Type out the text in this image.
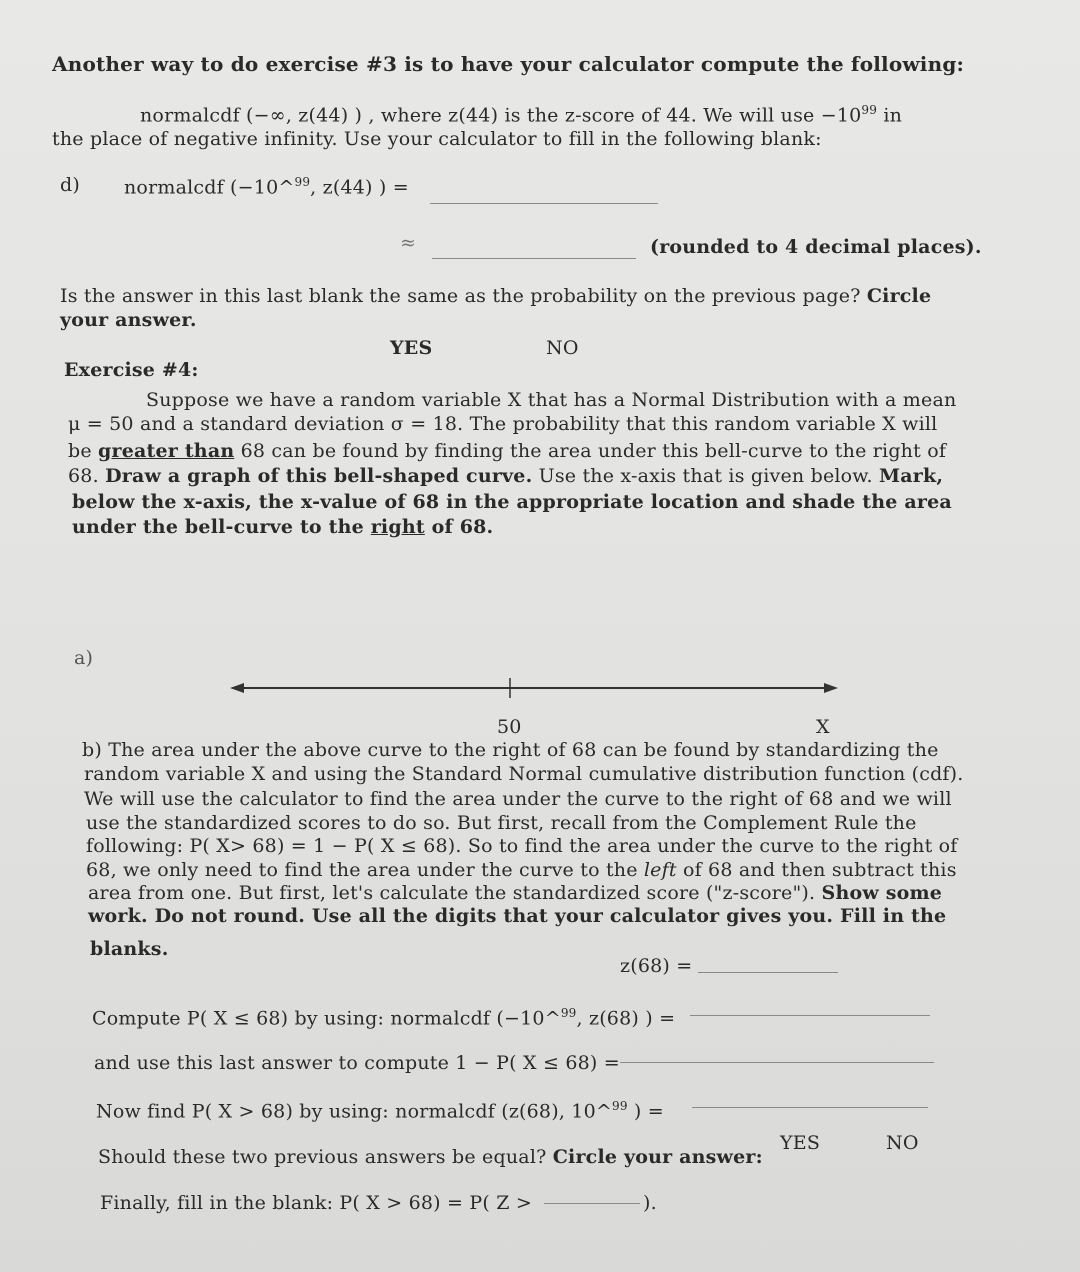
Another way to do exercise #3 is to have your calculator compute the following:
normalcdf (−∞, z(44) ) , where z(44) is the z-score of 44. We will use $-10^{99}$ in
the place of negative infinity. Use your calculator to fill in the following blank:
d) normalcdf (−10^$^{99}$, z(44) ) =
≈	(rounded to 4 decimal places).
Is the answer in this last blank the same as the probability on the previous page? Circle
your answer.
YES	NO
Exercise #4:
Suppose we have a random variable X that has a Normal Distribution with a mean
μ = 50 and a standard deviation σ = 18. The probability that this random variable X will
be greater than 68 can be found by finding the area under this bell-curve to the right of
68. Draw a graph of this bell-shaped curve. Use the x-axis that is given below. Mark,
below the x-axis, the x-value of 68 in the appropriate location and shade the area
under the bell-curve to the right of 68.
a)
50	X
b) The area under the above curve to the right of 68 can be found by standardizing the
random variable X and using the Standard Normal cumulative distribution function (cdf).
We will use the calculator to find the area under the curve to the right of 68 and we will
use the standardized scores to do so. But first, recall from the Complement Rule the
following: P( X> 68) = 1 − P( X ≤ 68). So to find the area under the curve to the right of
68, we only need to find the area under the curve to the left of 68 and then subtract this
area from one. But first, let's calculate the standardized score ("z-score"). Show some
work. Do not round. Use all the digits that your calculator gives you. Fill in the
blanks.
z(68) =
Compute P( X ≤ 68) by using: normalcdf (−10^$^{99}$, z(68) ) =
and use this last answer to compute 1 − P( X ≤ 68) =
Now find P( X > 68) by using: normalcdf (z(68), 10^$^{99}$ ) =
Should these two previous answers be equal? Circle your answer:
YES	NO
Finally, fill in the blank: P( X > 68) = P( Z >	).
